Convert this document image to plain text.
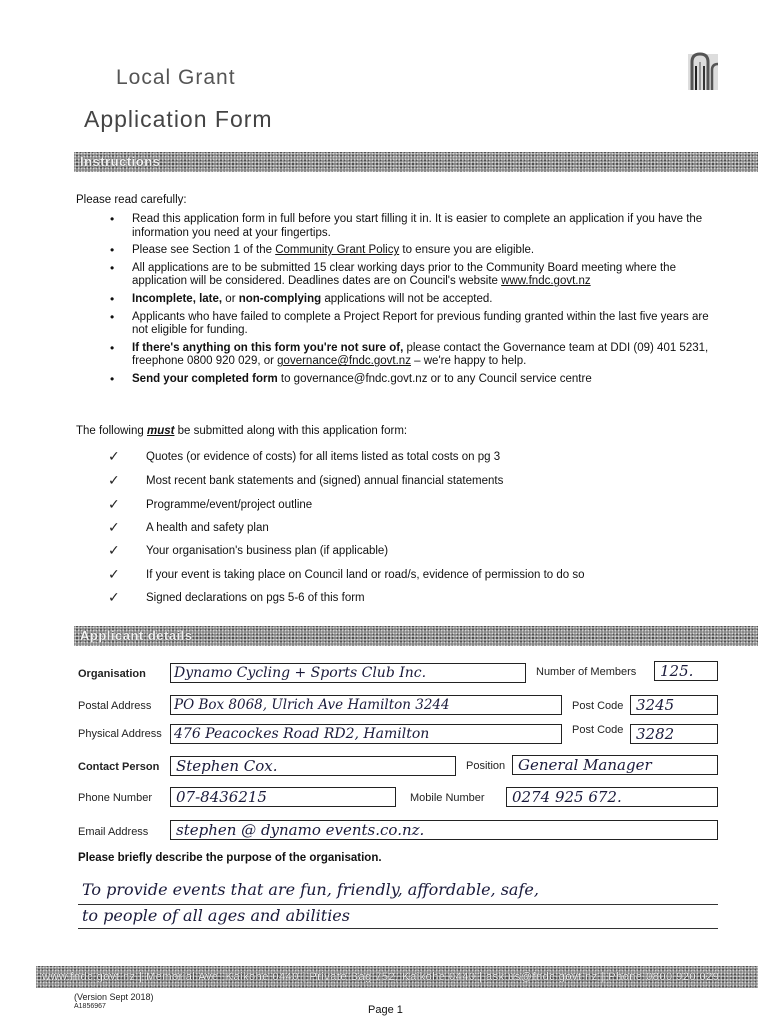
Local Grant
Application Form
Instructions
Please read carefully:
• Read this application form in full before you start filling it in. It is easier to complete an application if you have the information you need at your fingertips.
• Please see Section 1 of the Community Grant Policy to ensure you are eligible.
• All applications are to be submitted 15 clear working days prior to the Community Board meeting where the application will be considered. Deadlines dates are on Council's website www.fndc.govt.nz
• Incomplete, late, or non-complying applications will not be accepted.
• Applicants who have failed to complete a Project Report for previous funding granted within the last five years are not eligible for funding.
• If there's anything on this form you're not sure of, please contact the Governance team at DDI (09) 401 5231, freephone 0800 920 029, or governance@fndc.govt.nz – we're happy to help.
• Send your completed form to governance@fndc.govt.nz or to any Council service centre
The following must be submitted along with this application form:
✓ Quotes (or evidence of costs) for all items listed as total costs on pg 3
✓ Most recent bank statements and (signed) annual financial statements
✓ Programme/event/project outline
✓ A health and safety plan
✓ Your organisation's business plan (if applicable)
✓ If your event is taking place on Council land or road/s, evidence of permission to do so
✓ Signed declarations on pgs 5-6 of this form
Applicant details
Organisation Dynamo Cycling + Sports Club Inc.	Number of Members 125.
Postal Address PO Box 8068, Ulrich Ave Hamilton 3244	Post Code 3245
Physical Address 476 Peacockes Road RD2, Hamilton	Post Code 3282
Contact Person Stephen Cox.	Position General Manager
Phone Number 07-8436215	Mobile Number 0274 925 672.
Email Address stephen @ dynamo events.co.nz.
Please briefly describe the purpose of the organisation.
To provide events that are fun, friendly, affordable, safe,
to people of all ages and abilities
www.fndc.govt.nz | Memorial Ave, Kaikohe 0440 | Private Bag 752, Kaikohe 0440 | ask.us@fndc.govt.nz | Phone 0800 920 029
(Version Sept 2018)
A1856967	Page 1
